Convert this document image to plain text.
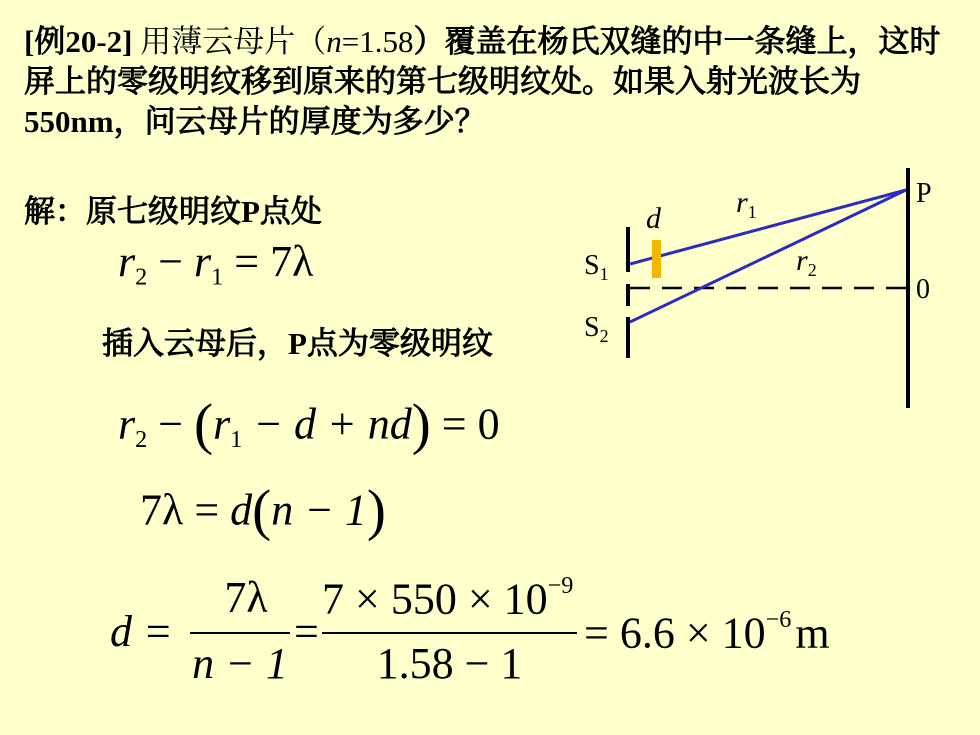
[例20-2] 用薄云母片（n=1.58）覆盖在杨氏双缝的中一条缝上，这时屏上的零级明纹移到原来的第七级明纹处。如果入射光波长为550nm，问云母片的厚度为多少？
解：原七级明纹P点处
$r_2 - r_1 = 7\lambda$
插入云母后，P点为零级明纹
$r_2 - (r_1 - d + nd) = 0$
7λ = d(n − 1)
d =
7λ
n − 1
=
$7 \times 550 \times 10^{-9}$
1.58 − 1
= $6.6 \times 10^{-6}m$
P
0
$S_1$
$S_2$
d	$r_1$
$r_2$
